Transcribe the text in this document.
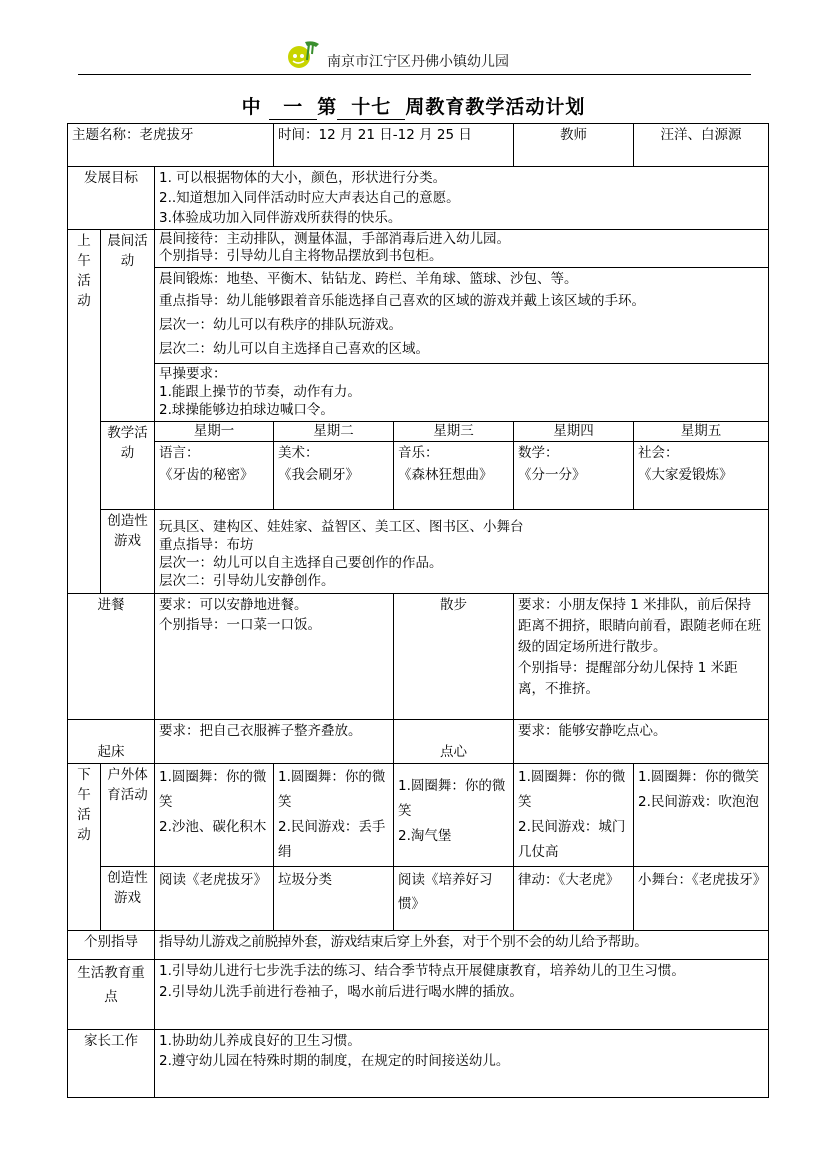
南京市江宁区丹佛小镇幼儿园
中 一 第 十七 周教育教学活动计划
主题名称：老虎拔牙			时间：12 月 21 日-12 月 25 日		教师	汪洋、白源源
发展目标		1. 可以根据物体的大小，颜色，形状进行分类。
2..知道想加入同伴活动时应大声表达自己的意愿。
3.体验成功加入同伴游戏所获得的快乐。				

上午活动	晨间活动	晨间接待：主动排队，测量体温，手部消毒后进入幼儿园。
个别指导：引导幼儿自主将物品摆放到书包柜。				

		晨间锻炼：地垫、平衡木、钻钻龙、跨栏、羊角球、篮球、沙包、等。
重点指导：幼儿能够跟着音乐能选择自己喜欢的区域的游戏并戴上该区域的手环。
层次一：幼儿可以有秩序的排队玩游戏。
层次二：幼儿可以自主选择自己喜欢的区域。				

		早操要求：
1.能跟上操节的节奏，动作有力。
2.球操能够边拍球边喊口令。				

	教学活动	星期一	星期二	星期三	星期四	星期五

		语言：
《牙齿的秘密》	美术：
《我会刷牙》	音乐：
《森林狂想曲》	数学：
《分一分》	社会：
《大家爱锻炼》

	创造性游戏	玩具区、建构区、娃娃家、益智区、美工区、图书区、小舞台
重点指导：布坊
层次一：幼儿可以自主选择自己要创作的作品。
层次二：引导幼儿安静创作。				

进餐		要求：可以安静地进餐。
个别指导：一口菜一口饭。		散步	要求：小朋友保持 1 米排队，前后保持距离不拥挤，眼睛向前看，跟随老师在班级的固定场所进行散步。
个别指导：提醒部分幼儿保持 1 米距离，不推挤。	

起床		要求：把自己衣服裤子整齐叠放。		点心	要求：能够安静吃点心。	
下午活动	户外体育活动	1.圆圈舞：你的微笑
2.沙池、碳化积木	1.圆圈舞：你的微笑
2.民间游戏：丢手绢	1.圆圈舞：你的微笑
2.淘气堡	1.圆圈舞：你的微笑
2.民间游戏：城门几仗高	1.圆圈舞：你的微笑
2.民间游戏：吹泡泡

	创造性游戏	阅读《老虎拔牙》	垃圾分类	阅读《培养好习惯》	律动：《大老虎》	小舞台：《老虎拔牙》
个别指导		指导幼儿游戏之前脱掉外套，游戏结束后穿上外套，对于个别不会的幼儿给予帮助。				
生活教育重 点		1.引导幼儿进行七步洗手法的练习、结合季节特点开展健康教育，培养幼儿的卫生习惯。
2.引导幼儿洗手前进行卷袖子，喝水前后进行喝水牌的插放。				

家长工作		1.协助幼儿养成良好的卫生习惯。
2.遵守幼儿园在特殊时期的制度，在规定的时间接送幼儿。				
